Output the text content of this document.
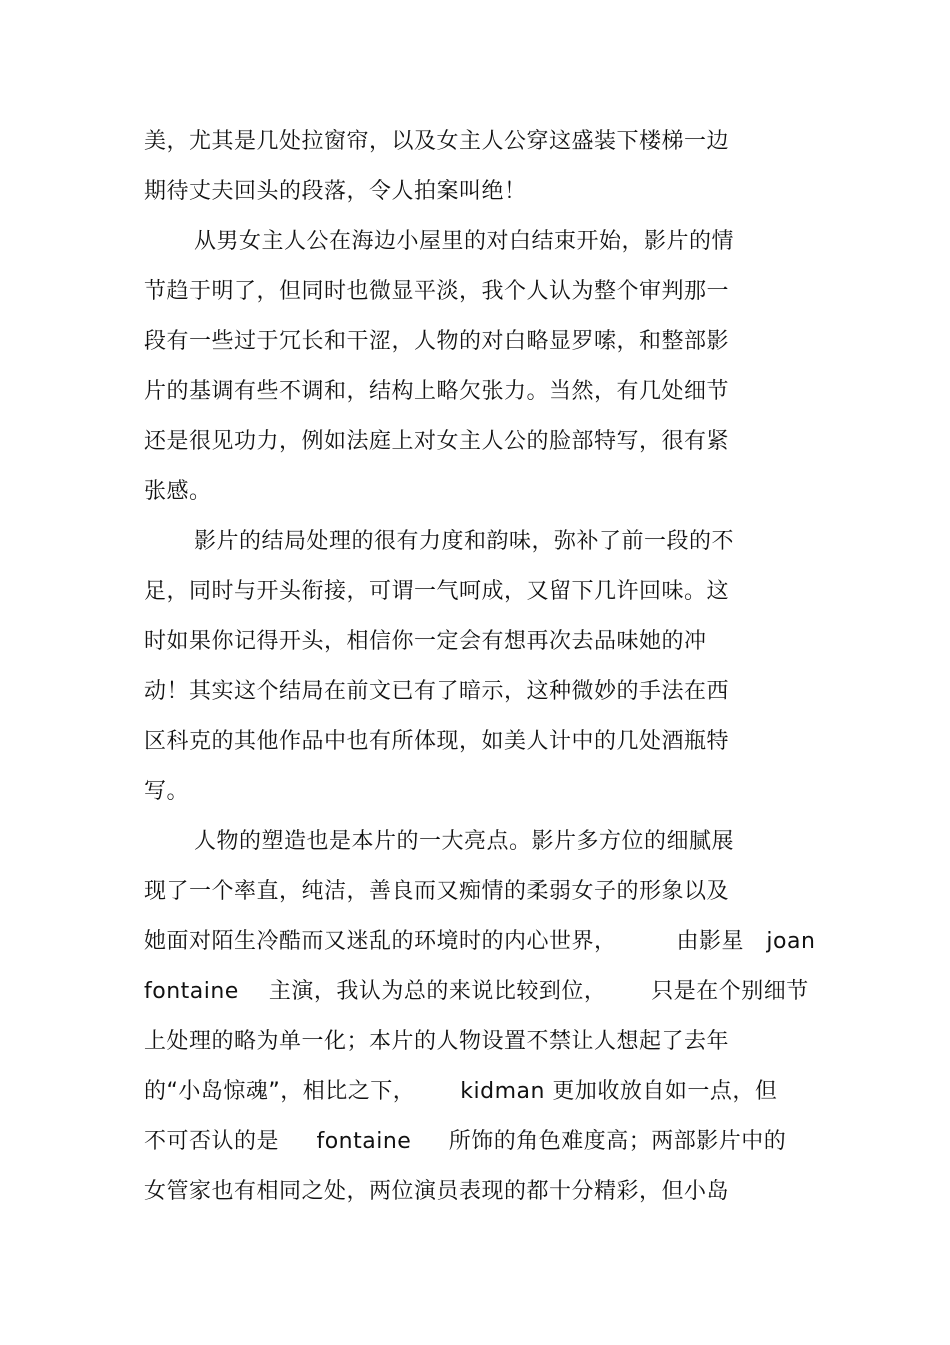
美，尤其是几处拉窗帘，以及女主人公穿这盛装下楼梯一边
期待丈夫回头的段落，令人拍案叫绝！
从男女主人公在海边小屋里的对白结束开始，影片的情
节趋于明了，但同时也微显平淡，我个人认为整个审判那一
段有一些过于冗长和干涩，人物的对白略显罗嗦，和整部影
片的基调有些不调和，结构上略欠张力。当然，有几处细节
还是很见功力，例如法庭上对女主人公的脸部特写，很有紧
张感。
影片的结局处理的很有力度和韵味，弥补了前一段的不
足，同时与开头衔接，可谓一气呵成，又留下几许回味。这
时如果你记得开头，相信你一定会有想再次去品味她的冲
动！其实这个结局在前文已有了暗示，这种微妙的手法在西
区科克的其他作品中也有所体现，如美人计中的几处酒瓶特
写。
人物的塑造也是本片的一大亮点。影片多方位的细腻展
现了一个率直，纯洁，善良而又痴情的柔弱女子的形象以及
她面对陌生冷酷而又迷乱的环境时的内心世界，        由影星   joan
fontaine    主演，我认为总的来说比较到位，      只是在个别细节
上处理的略为单一化；本片的人物设置不禁让人想起了去年
的“小岛惊魂”，相比之下，      kidman 更加收放自如一点，但
不可否认的是     fontaine     所饰的角色难度高；两部影片中的
女管家也有相同之处，两位演员表现的都十分精彩，但小岛
